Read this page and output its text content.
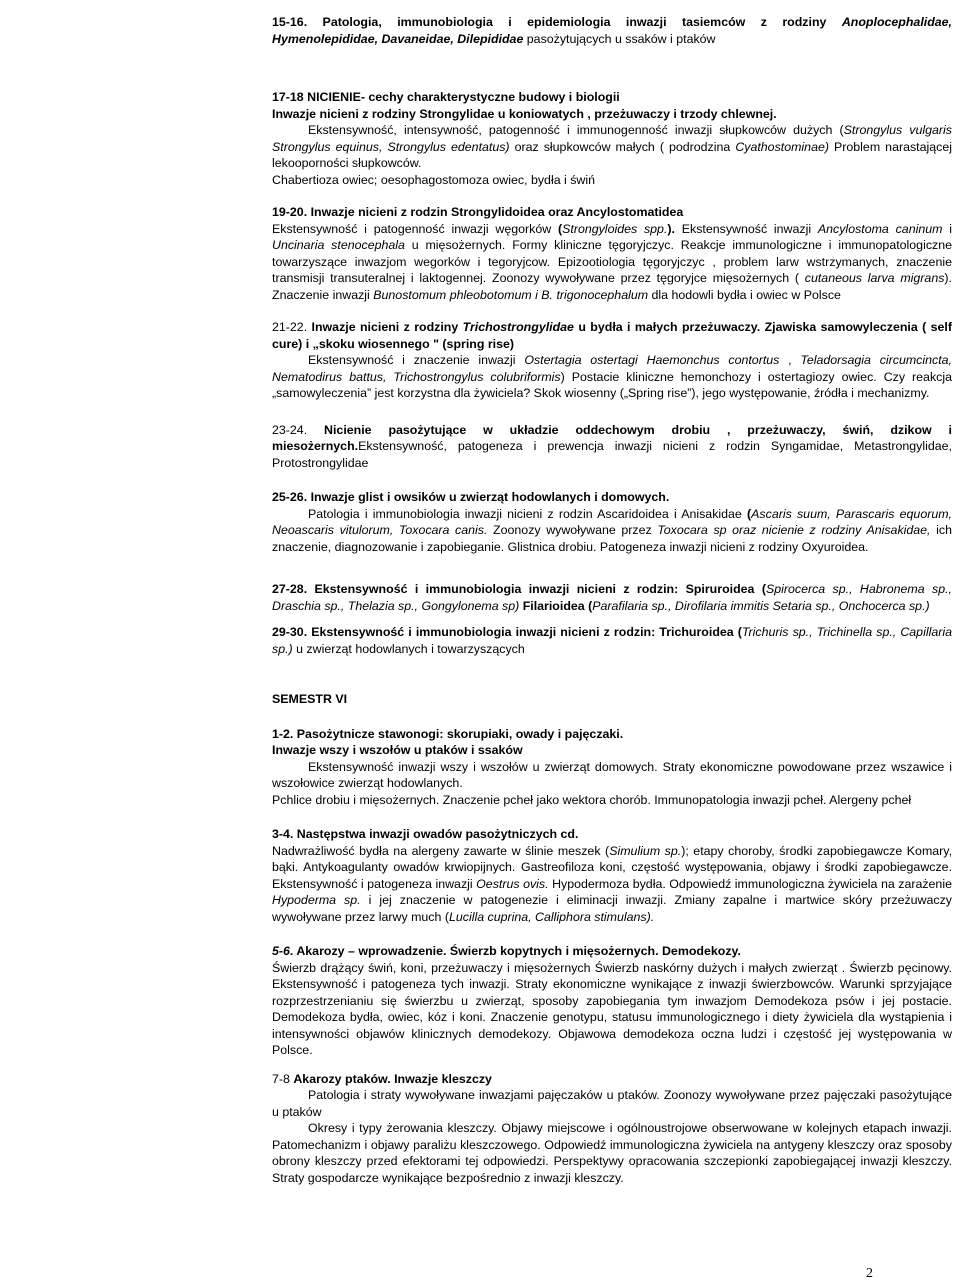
15-16. Patologia, immunobiologia i epidemiologia inwazji tasiemców z rodziny Anoplocephalidae, Hymenolepididae, Davaneidae, Dilepididae pasożytujących u ssaków i ptaków

17-18 NICIENIE- cechy charakterystyczne budowy i biologii

Inwazje nicieni z rodziny Strongylidae u koniowatych , przeżuwaczy i trzody chlewnej.

Ekstensywność, intensywność, patogenność i immunogenność inwazji słupkowców dużych (Strongylus vulgaris Strongylus equinus, Strongylus edentatus) oraz słupkowców małych ( podrodzina Cyathostominae) Problem narastającej lekooporności słupkowców.

Chabertioza owiec; oesophagostomoza owiec, bydła i świń

19-20. Inwazje nicieni z rodzin Strongylidoidea oraz Ancylostomatidea

Ekstensywność i patogenność inwazji węgorków (Strongyloides spp.). Ekstensywność inwazji Ancylostoma caninum i Uncinaria stenocephala u mięsożernych. Formy kliniczne tęgoryjczyc. Reakcje immunologiczne i immunopatologiczne towarzyszące inwazjom wegorków i tegoryjcow. Epizootiologia tęgoryjczyc , problem larw wstrzymanych, znaczenie transmisji transuteralnej i laktogennej. Zoonozy wywoływane przez tęgoryjce mięsożernych ( cutaneous larva migrans). Znaczenie inwazji Bunostomum phleobotomum i B. trigonocephalum dla hodowli bydła i owiec w Polsce

21-22. Inwazje nicieni z rodziny Trichostrongylidae u bydła i małych przeżuwaczy. Zjawiska samowyleczenia ( self cure) i „skoku wiosennego " (spring rise)

Ekstensywność i znaczenie inwazji Ostertagia ostertagi Haemonchus contortus , Teladorsagia circumcincta, Nematodirus battus, Trichostrongylus colubriformis) Postacie kliniczne hemonchozy i ostertagiozy owiec. Czy reakcja „samowyleczenia” jest korzystna dla żywiciela? Skok wiosenny („Spring rise”), jego występowanie, źródła i mechanizmy.

23-24. Nicienie pasożytujące w układzie oddechowym drobiu , przeżuwaczy, świń, dzikow i miesożernych.Ekstensywność, patogeneza i prewencja inwazji nicieni z rodzin Syngamidae, Metastrongylidae, Protostrongylidae

25-26. Inwazje glist i owsików u zwierząt hodowlanych i domowych.

Patologia i immunobiologia inwazji nicieni z rodzin Ascaridoidea i Anisakidae (Ascaris suum, Parascaris equorum, Neoascaris vitulorum, Toxocara canis. Zoonozy wywoływane przez Toxocara sp oraz nicienie z rodziny Anisakidae, ich znaczenie, diagnozowanie i zapobieganie. Glistnica drobiu. Patogeneza inwazji nicieni z rodziny Oxyuroidea.

27-28. Ekstensywność i immunobiologia inwazji nicieni z rodzin: Spiruroidea (Spirocerca sp., Habronema sp., Draschia sp., Thelazia sp., Gongylonema sp) Filarioidea (Parafilaria sp., Dirofilaria immitis Setaria sp., Onchocerca sp.)

29-30. Ekstensywność i immunobiologia inwazji nicieni z rodzin: Trichuroidea (Trichuris sp., Trichinella sp., Capillaria sp.) u zwierząt hodowlanych i towarzyszących

SEMESTR VI

1-2. Pasożytnicze stawonogi: skorupiaki, owady i pajęczaki.

Inwazje wszy i wszołów u ptaków i ssaków

Ekstensywność inwazji wszy i wszołów u zwierząt domowych. Straty ekonomiczne powodowane przez wszawice i wszołowice zwierząt hodowlanych.

Pchlice drobiu i mięsożernych. Znaczenie pcheł jako wektora chorób. Immunopatologia inwazji pcheł. Alergeny pcheł

3-4. Następstwa inwazji owadów pasożytniczych cd.

Nadwrażliwość bydła na alergeny zawarte w ślinie meszek (Simulium sp.); etapy choroby, środki zapobiegawcze Komary, bąki. Antykoagulanty owadów krwiopijnych. Gastreofiloza koni, częstość występowania, objawy i środki zapobiegawcze. Ekstensywność i patogeneza inwazji Oestrus ovis. Hypodermoza bydła. Odpowiedź immunologiczna żywiciela na zarażenie Hypoderma sp. i jej znaczenie w patogenezie i eliminacji inwazji. Zmiany zapalne i martwice skóry przeżuwaczy wywoływane przez larwy much (Lucilla cuprina, Calliphora stimulans).

5-6. Akarozy – wprowadzenie. Świerzb kopytnych i mięsożernych. Demodekozy.

Świerzb drążący świń, koni, przeżuwaczy i mięsożernych Świerzb naskórny dużych i małych zwierząt . Świerzb pęcinowy. Ekstensywność i patogeneza tych inwazji. Straty ekonomiczne wynikające z inwazji świerzbowców. Warunki sprzyjające rozprzestrzenianiu się świerzbu u zwierząt, sposoby zapobiegania tym inwazjom Demodekoza psów i jej postacie. Demodekoza bydła, owiec, kóz i koni. Znaczenie genotypu, statusu immunologicznego i diety żywiciela dla wystąpienia i intensywności objawów klinicznych demodekozy. Objawowa demodekoza oczna ludzi i częstość jej występowania w Polsce.

7-8 Akarozy ptaków. Inwazje kleszczy

Patologia i straty wywoływane inwazjami pajęczaków u ptaków. Zoonozy wywoływane przez pajęczaki pasożytujące u ptaków

Okresy i typy żerowania kleszczy. Objawy miejscowe i ogólnoustrojowe obserwowane w kolejnych etapach inwazji. Patomechanizm i objawy paraliżu kleszczowego. Odpowiedź immunologiczna żywiciela na antygeny kleszczy oraz sposoby obrony kleszczy przed efektorami tej odpowiedzi. Perspektywy opracowania szczepionki zapobiegającej inwazji kleszczy. Straty gospodarcze wynikające bezpośrednio z inwazji kleszczy.

2
